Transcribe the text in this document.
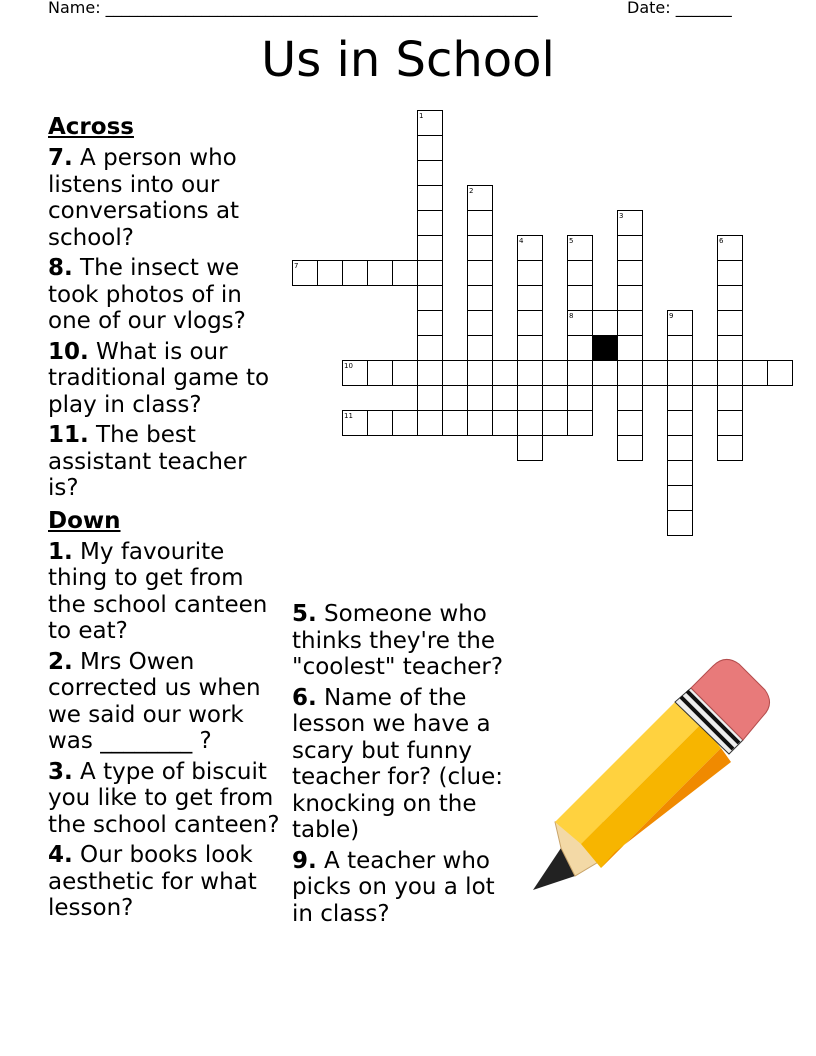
Name: ______________________________________________________	Date: _______
Us in School
Across
7. A person who listens into our conversations at school?
8. The insect we took photos of in one of our vlogs?
10. What is our traditional game to play in class?
11. The best assistant teacher is?
Down
1. My favourite thing to get from the school canteen to eat?
2. Mrs Owen corrected us when we said our work was ________ ?
3. A type of biscuit you like to get from the school canteen?
4. Our books look aesthetic for what lesson?
5. Someone who thinks they're the "coolest" teacher?
6. Name of the lesson we have a scary but funny teacher for? (clue: knocking on the table)
9. A teacher who picks on you a lot in class?
1
2
3
4	5	6
7
8	9
10
11
